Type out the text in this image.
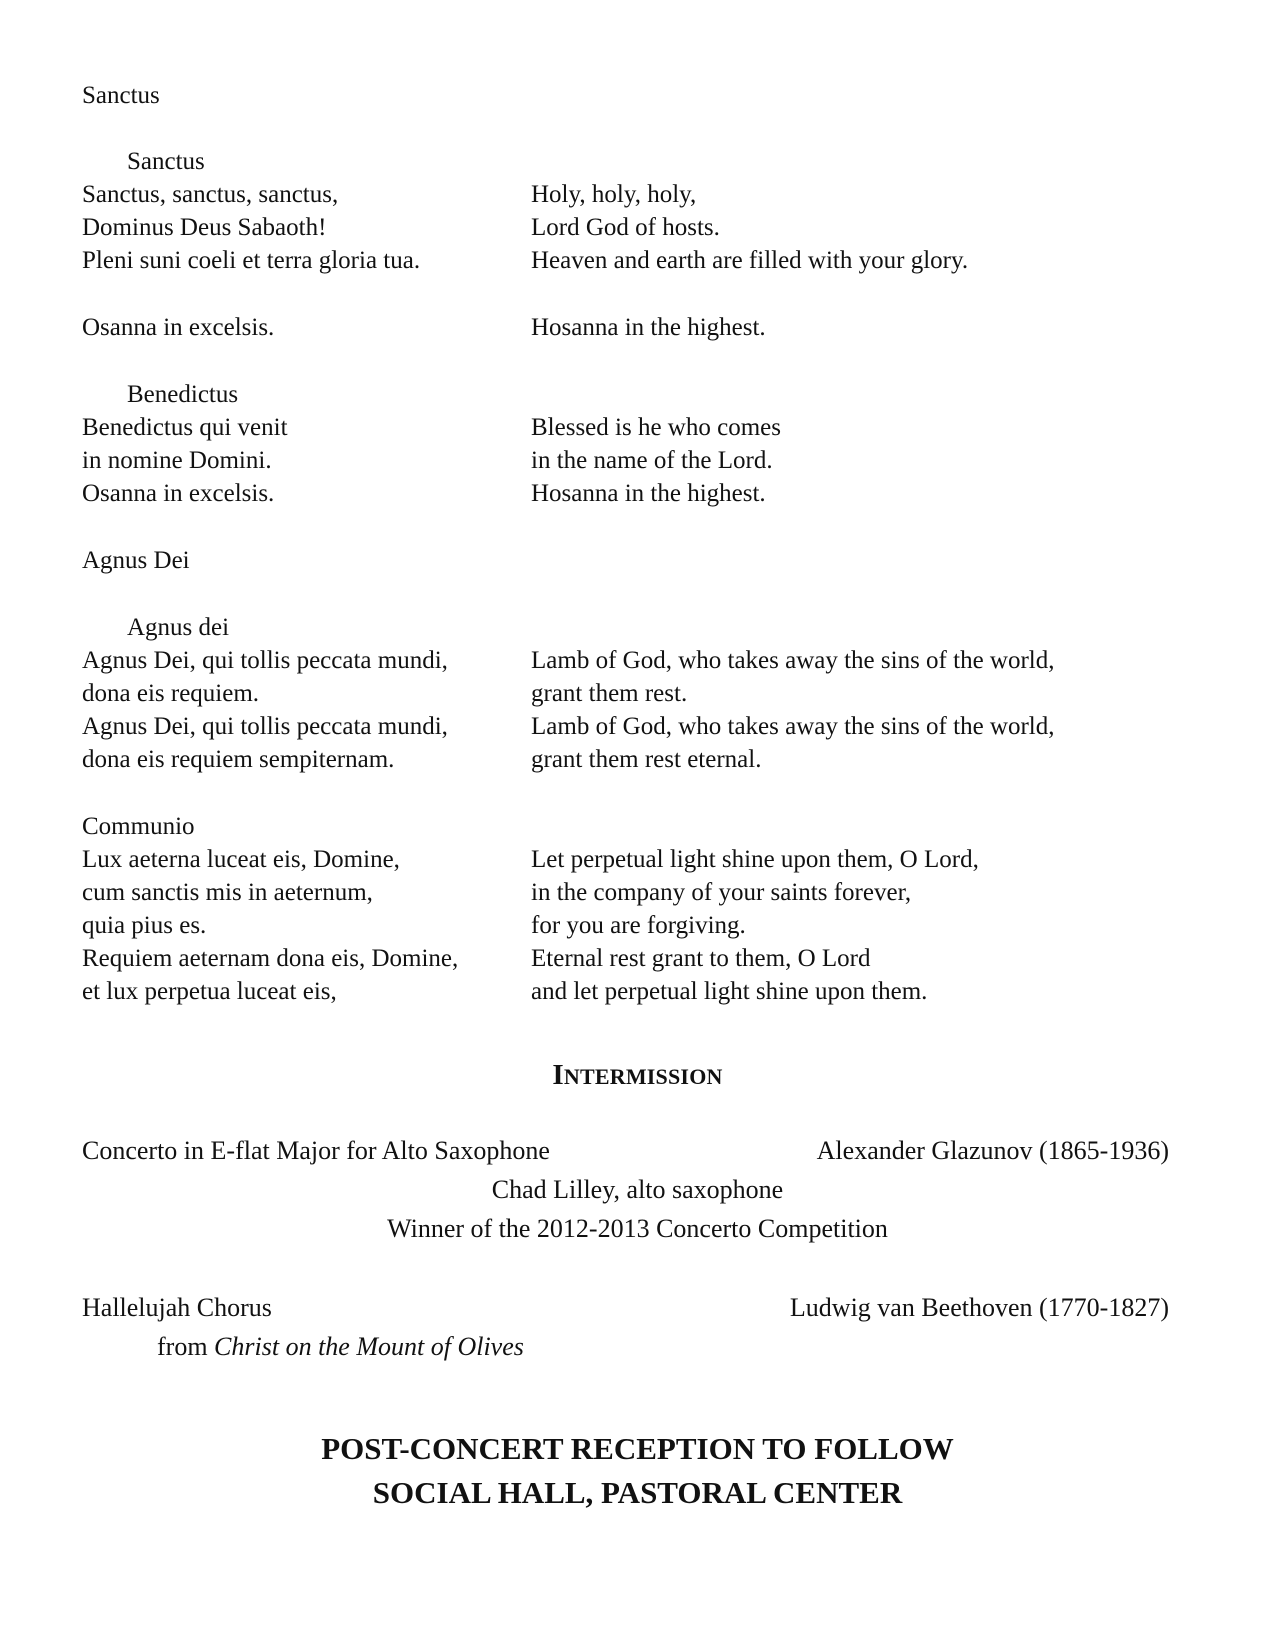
Sanctus
Sanctus
Sanctus, sanctus, sanctus,	Holy, holy, holy,
Dominus Deus Sabaoth!	Lord God of hosts.
Pleni suni coeli et terra gloria tua.	Heaven and earth are filled with your glory.
Osanna in excelsis.	Hosanna in the highest.
Benedictus
Benedictus qui venit	Blessed is he who comes
in nomine Domini.	in the name of the Lord.
Osanna in excelsis.	Hosanna in the highest.
Agnus Dei
Agnus dei
Agnus Dei, qui tollis peccata mundi,	Lamb of God, who takes away the sins of the world,
dona eis requiem.	grant them rest.
Agnus Dei, qui tollis peccata mundi,	Lamb of God, who takes away the sins of the world,
dona eis requiem sempiternam.	grant them rest eternal.
Communio
Lux aeterna luceat eis, Domine,	Let perpetual light shine upon them, O Lord,
cum sanctis mis in aeternum,	in the company of your saints forever,
quia pius es.	for you are forgiving.
Requiem aeternam dona eis, Domine,	Eternal rest grant to them, O Lord
et lux perpetua luceat eis,	and let perpetual light shine upon them.
INTERMISSION
Concerto in E-flat Major for Alto Saxophone	Alexander Glazunov (1865-1936)
Chad Lilley, alto saxophone
Winner of the 2012-2013 Concerto Competition
Hallelujah Chorus	Ludwig van Beethoven (1770-1827)
from Christ on the Mount of Olives
POST-CONCERT RECEPTION TO FOLLOW
SOCIAL HALL, PASTORAL CENTER
